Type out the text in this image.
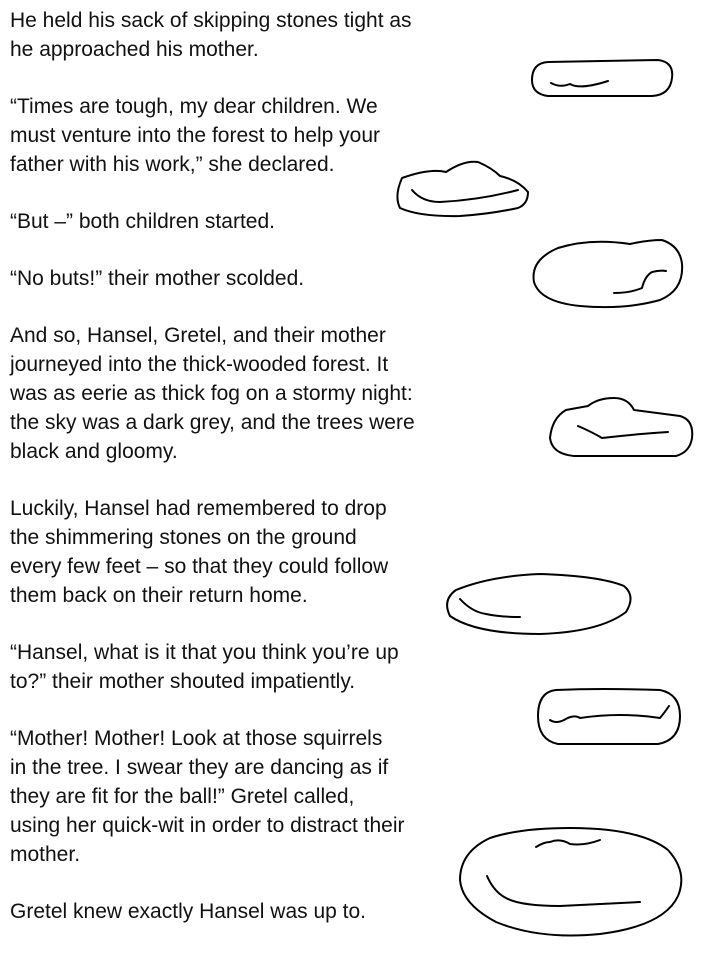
He held his sack of skipping stones tight as
he approached his mother.

“Times are tough, my dear children. We
must venture into the forest to help your
father with his work,” she declared.

“But –” both children started.

“No buts!” their mother scolded.

And so, Hansel, Gretel, and their mother
journeyed into the thick-wooded forest. It
was as eerie as thick fog on a stormy night:
the sky was a dark grey, and the trees were
black and gloomy.

Luckily, Hansel had remembered to drop
the shimmering stones on the ground
every few feet – so that they could follow
them back on their return home.

“Hansel, what is it that you think you’re up
to?” their mother shouted impatiently.

“Mother! Mother! Look at those squirrels
in the tree. I swear they are dancing as if
they are fit for the ball!” Gretel called,
using her quick-wit in order to distract their
mother.

Gretel knew exactly Hansel was up to.
